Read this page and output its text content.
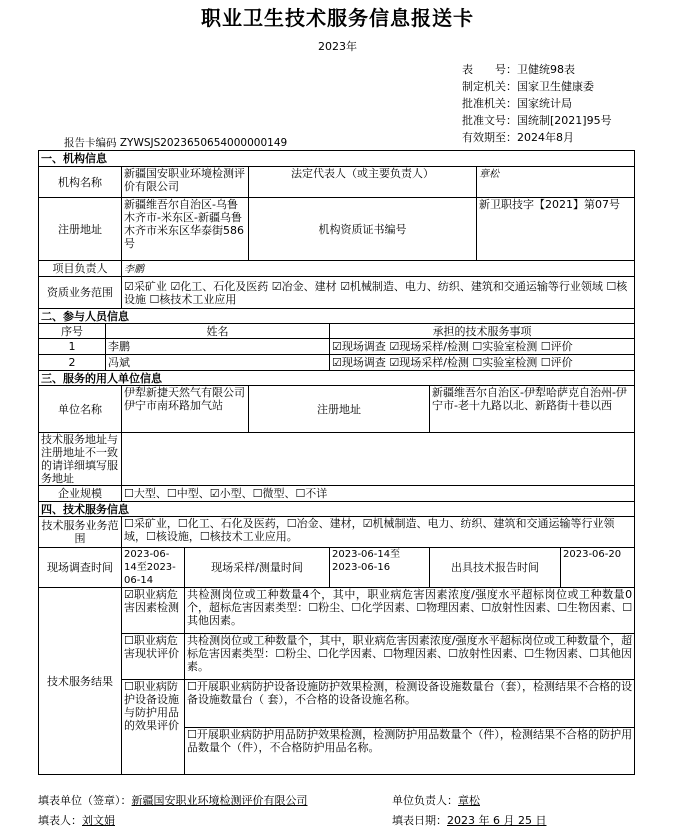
职业卫生技术服务信息报送卡
2023年
表　　号：卫健统98表
制定机关：国家卫生健康委
批准机关：国家统计局
批准文号：国统制[2021]95号
有效期至：2024年8月
报告卡编码 ZYWSJS2023650654000000149
一、机构信息								
机构名称		新疆国安职业环境检测评价有限公司		法定代表人（或主要负责人）			章松	
注册地址		新疆维吾尔自治区-乌鲁木齐市-米东区-新疆乌鲁木齐市米东区华泰街586号		机构资质证书编号			新卫职技字【2021】第07号	
项目负责人		李鹏						
资质业务范围		☑采矿业 ☑化工、石化及医药 ☑冶金、建材 ☑机械制造、电力、纺织、建筑和交通运输等行业领域 ☐核设施 ☐核技术工业应用						
二、参与人员信息								
序号	姓名				承担的技术服务事项			
1	李鹏				☑现场调查 ☑现场采样/检测 ☐实验室检测 ☐评价			
2	冯斌				☑现场调查 ☑现场采样/检测 ☐实验室检测 ☐评价			
三、服务的用人单位信息								
单位名称		伊犁新捷天然气有限公司伊宁市南环路加气站		注册地址		新疆维吾尔自治区-伊犁哈萨克自治州-伊宁市-老十九路以北、新路街十巷以西		
技术服务地址与注册地址不一致的请详细填写服务地址								
企业规模		☐大型、☐中型、☑小型、☐微型、☐不详						
四、技术服务信息								
技术服务业务范围		☐采矿业，☐化工、石化及医药，☐冶金、建材，☑机械制造、电力、纺织、建筑和交通运输等行业领域，☐核设施，☐核技术工业应用。						
现场调查时间		2023-06-14至2023-06-14	现场采样/测量时间		2023-06-14至2023-06-16	出具技术报告时间		2023-06-20
技术服务结果		☑职业病危害因素检测	共检测岗位或工种数量4个，其中，职业病危害因素浓度/强度水平超标岗位或工种数量0个，超标危害因素类型：☐粉尘、☐化学因素、☐物理因素、☐放射性因素、☐生物因素、☐其他因素。					
		☐职业病危害现状评价	共检测岗位或工种数量个，其中，职业病危害因素浓度/强度水平超标岗位或工种数量个，超标危害因素类型：☐粉尘、☐化学因素、☐物理因素、☐放射性因素、☐生物因素、☐其他因素。					
		☐职业病防护设备设施与防护用品的效果评价	☐开展职业病防护设备设施防护效果检测，检测设备设施数量台（套），检测结果不合格的设备设施数量台（ 套），不合格的设备设施名称。					
			☐开展职业病防护用品防护效果检测，检测防护用品数量个（件），检测结果不合格的防护用品数量个（件），不合格防护用品名称。					
填表单位（签章）：新疆国安职业环境检测评价有限公司	单位负责人：章松
填表人：刘文娟	填表日期：2023 年 6 月 25 日
